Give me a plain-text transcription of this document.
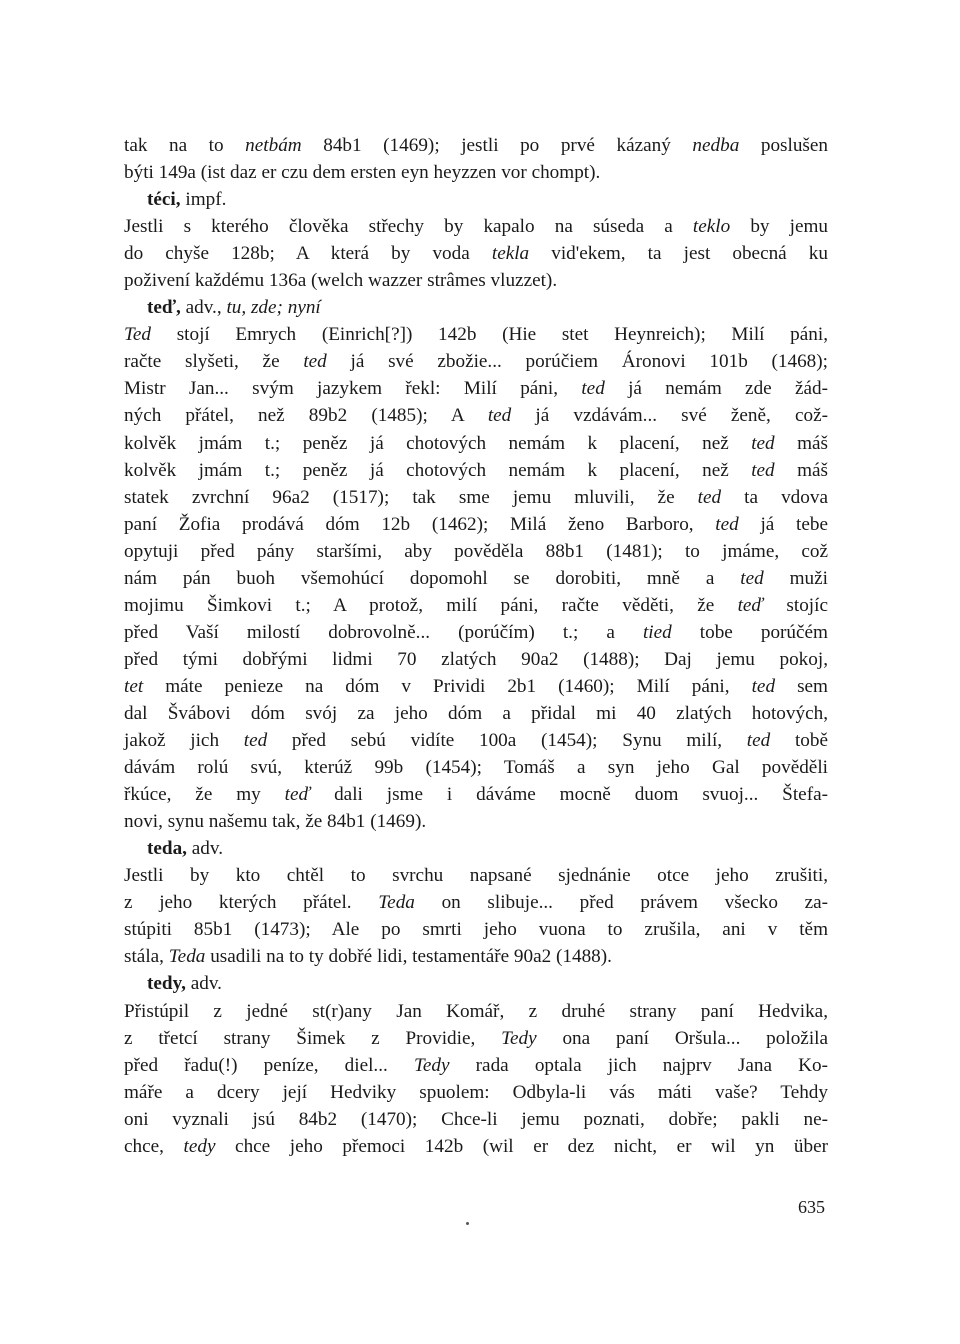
tak na to netbám 84b1 (1469); jestli po prvé kázaný nedba poslušen
býti 149a (ist daz er czu dem ersten eyn heyzzen vor chompt).
téci, impf.
Jestli s kterého člověka střechy by kapalo na súseda a teklo by jemu
do chyše 128b; A která by voda tekla vid'ekem, ta jest obecná ku
poživení každému 136a (welch wazzer strâmes vluzzet).
teď, adv., tu, zde; nyní
Ted stojí Emrych (Einrich[?]) 142b (Hie stet Heynreich); Milí páni,
račte slyšeti, že ted já své zbožie... porúčiem Áronovi 101b (1468);
Mistr Jan... svým jazykem řekl: Milí páni, ted já nemám zde žád-
ných přátel, než 89b2 (1485); A ted já vzdávám... své ženě, což-
kolvěk jmám t.; peněz já chotových nemám k placení, než ted máš
kolvěk jmám t.; peněz já chotových nemám k placení, než ted máš
statek zvrchní 96a2 (1517); tak sme jemu mluvili, že ted ta vdova
paní Žofia prodává dóm 12b (1462); Milá ženo Barboro, ted já tebe
opytuji před pány staršími, aby pověděla 88b1 (1481); to jmáme, což
nám pán buoh všemohúcí dopomohl se dorobiti, mně a ted muži
mojimu Šimkovi t.; A protož, milí páni, račte věděti, že teď stojíc
před Vaší milostí dobrovolně... (porúčím) t.; a tied tobe porúčém
před tými dobřými lidmi 70 zlatých 90a2 (1488); Daj jemu pokoj,
tet máte penieze na dóm v Prividi 2b1 (1460); Milí páni, ted sem
dal Švábovi dóm svój za jeho dóm a přidal mi 40 zlatých hotových,
jakož jich ted před sebú vidíte 100a (1454); Synu milí, ted tobě
dávám rolú svú, kterúž 99b (1454); Tomáš a syn jeho Gal pověděli
řkúce, že my teď dali jsme i dáváme mocně duom svuoj... Štefa-
novi, synu našemu tak, že 84b1 (1469).
teda, adv.
Jestli by kto chtěl to svrchu napsané sjednánie otce jeho zrušiti,
z jeho kterých přátel. Teda on slibuje... před právem všecko za-
stúpiti 85b1 (1473); Ale po smrti jeho vuona to zrušila, ani v těm
stála, Teda usadili na to ty dobřé lidi, testamentáře 90a2 (1488).
tedy, adv.
Přistúpil z jedné st(r)any Jan Komář, z druhé strany paní Hedvika,
z třetcí strany Šimek z Providie, Tedy ona paní Oršula... položila
před řadu(!) peníze, diel... Tedy rada optala jich najprv Jana Ko-
máře a dcery její Hedviky spuolem: Odbyla-li vás máti vaše? Tehdy
oni vyznali jsú 84b2 (1470); Chce-li jemu poznati, dobře; pakli ne-
chce, tedy chce jeho přemoci 142b (wil er dez nicht, er wil yn über
635
